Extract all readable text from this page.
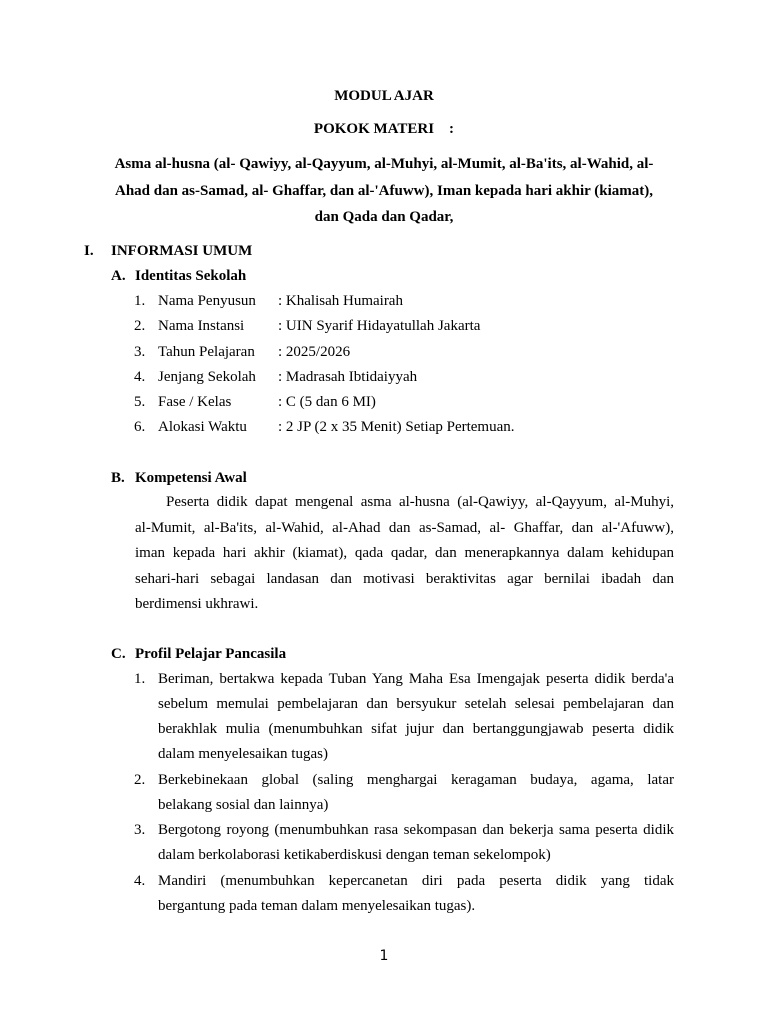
MODUL AJAR
POKOK MATERI    :
Asma al-husna (al- Qawiyy, al-Qayyum, al-Muhyi, al-Mumit, al-Ba'its, al-Wahid, al-
Ahad dan as-Samad, al- Ghaffar, dan al-'Afuww), Iman kepada hari akhir (kiamat),
dan Qada dan Qadar,
I. INFORMASI UMUM
A. Identitas Sekolah
1. Nama Penyusun : Khalisah Humairah
2. Nama Instansi : UIN Syarif Hidayatullah Jakarta
3. Tahun Pelajaran : 2025/2026
4. Jenjang Sekolah : Madrasah Ibtidaiyyah
5. Fase / Kelas	: C (5 dan 6 MI)
6. Alokasi Waktu : 2 JP (2 x 35 Menit) Setiap Pertemuan.
B. Kompetensi Awal
Peserta didik dapat mengenal asma al-husna (al-Qawiyy, al-Qayyum, al-Muhyi,
al-Mumit, al-Ba'its, al-Wahid, al-Ahad dan as-Samad, al- Ghaffar, dan al-'Afuww),
iman kepada hari akhir (kiamat), qada qadar, dan menerapkannya dalam kehidupan
sehari-hari sebagai landasan dan motivasi beraktivitas agar bernilai ibadah dan
berdimensi ukhrawi.
C. Profil Pelajar Pancasila
1. Beriman, bertakwa kepada Tuban Yang Maha Esa Imengajak peserta didik berda'a
sebelum memulai pembelajaran dan bersyukur setelah selesai pembelajaran dan
berakhlak mulia (menumbuhkan sifat jujur dan bertanggungjawab peserta didik
dalam menyelesaikan tugas)
2. Berkebinekaan global (saling menghargai keragaman budaya, agama, latar
belakang sosial dan lainnya)
3. Bergotong royong (menumbuhkan rasa sekompasan dan bekerja sama peserta didik
dalam berkolaborasi ketikaberdiskusi dengan teman sekelompok)
4. Mandiri (menumbuhkan kepercanetan diri pada peserta didik yang tidak
bergantung pada teman dalam menyelesaikan tugas).
1
